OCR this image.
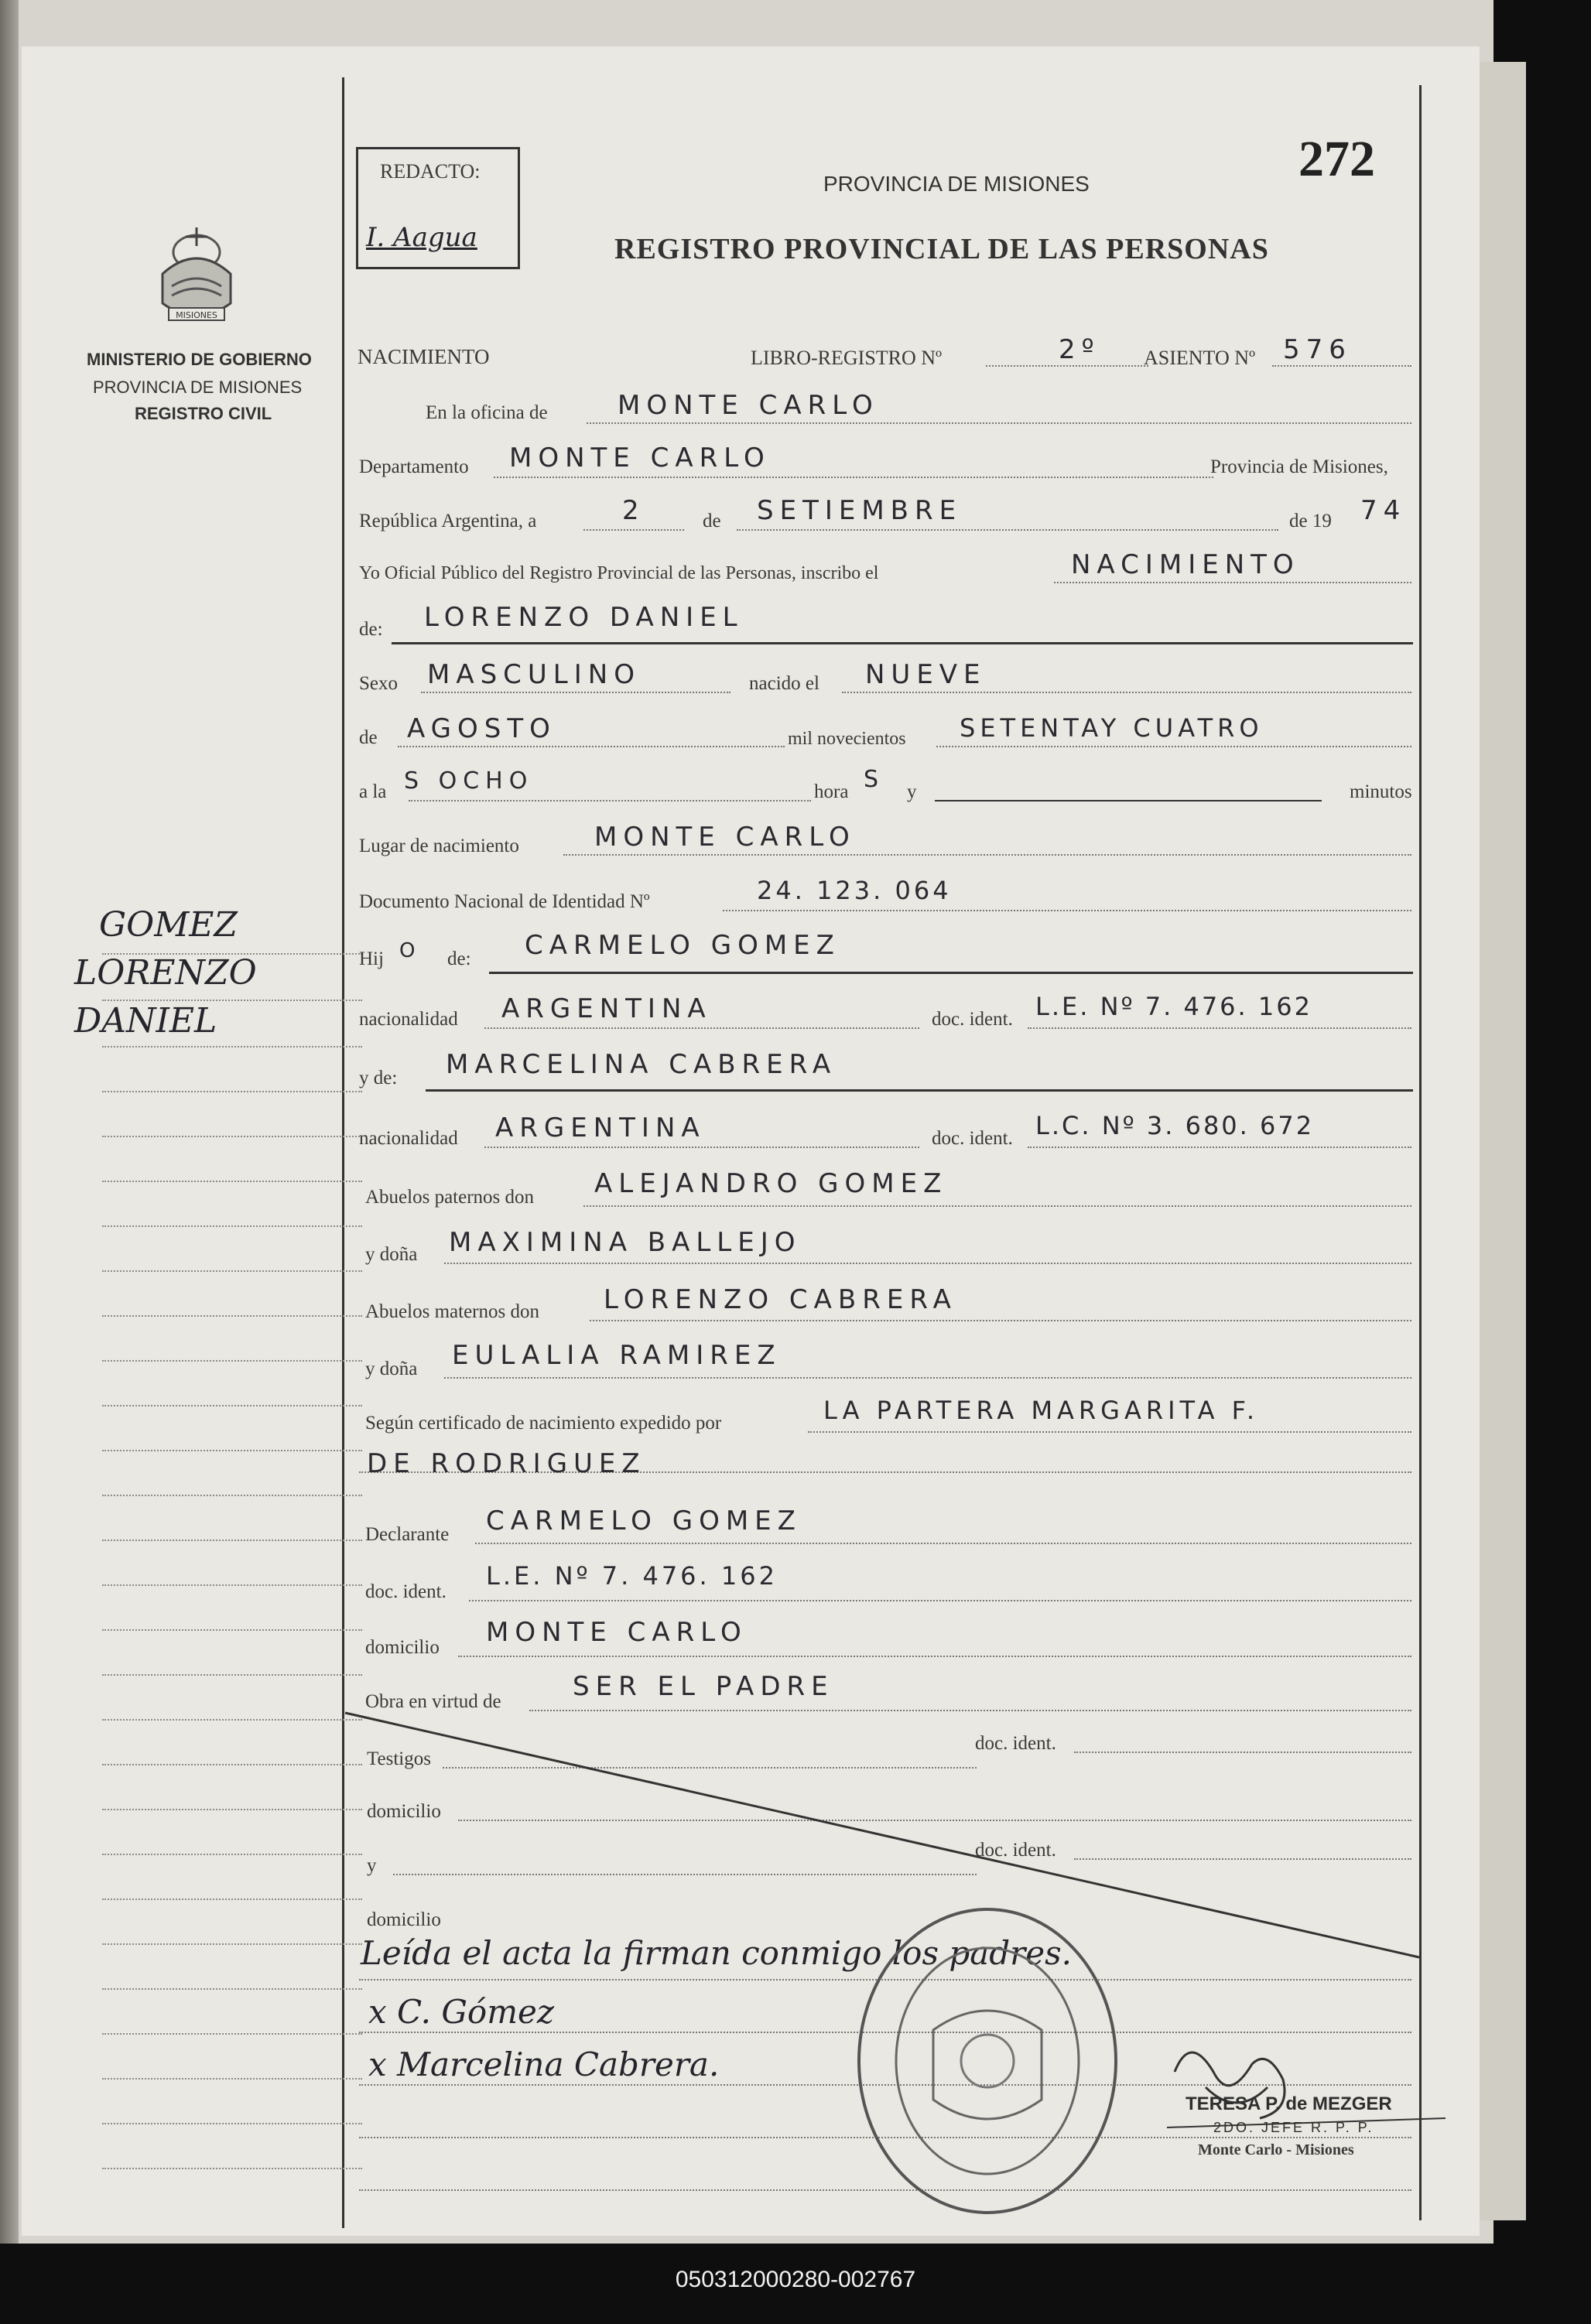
REDACTO:
I. Aagua
PROVINCIA DE MISIONES
REGISTRO PROVINCIAL DE LAS PERSONAS
272
MISIONES
MINISTERIO DE GOBIERNO
PROVINCIA DE MISIONES
REGISTRO CIVIL
GOMEZ
LORENZO
DANIEL
NACIMIENTO	LIBRO-REGISTRO Nº	2º ASIENTO Nº 576
En la oficina de	MONTE CARLO
Departamento MONTE CARLO	Provincia de Misiones,
República Argentina, a	2	de SETIEMBRE	de 19 74
Yo Oficial Público del Registro Provincial de las Personas, inscribo el	NACIMIENTO
de: LORENZO DANIEL
Sexo MASCULINO	nacido el NUEVE
de AGOSTO	mil novecientos SETENTAY CUATRO
a la S OCHO	hora S y	minutos
Lugar de nacimiento	MONTE CARLO
Documento Nacional de Identidad Nº	24. 123. 064
Hij O de: CARMELO GOMEZ
nacionalidad ARGENTINA	doc. ident. L.E. Nº 7. 476. 162
y de: MARCELINA CABRERA
nacionalidad ARGENTINA	doc. ident. L.C. Nº 3. 680. 672
Abuelos paternos don ALEJANDRO GOMEZ
y doña MAXIMINA BALLEJO
Abuelos maternos don LORENZO CABRERA
y doña EULALIA RAMIREZ
Según certificado de nacimiento expedido por	LA PARTERA MARGARITA F.
DE RODRIGUEZ
Declarante CARMELO GOMEZ
doc. ident.
L.E. Nº 7. 476. 162
domicilio MONTE CARLO
Obra en virtud de	SER EL PADRE
Testigos
doc. ident.
domicilio
y
doc. ident.
domicilio
Leída el acta la firman conmigo los padres.
x C. Gómez
x Marcelina Cabrera.
TERESA P. de MEZGER
2DO. JEFE R. P. P.
Monte Carlo - Misiones
050312000280-002767
